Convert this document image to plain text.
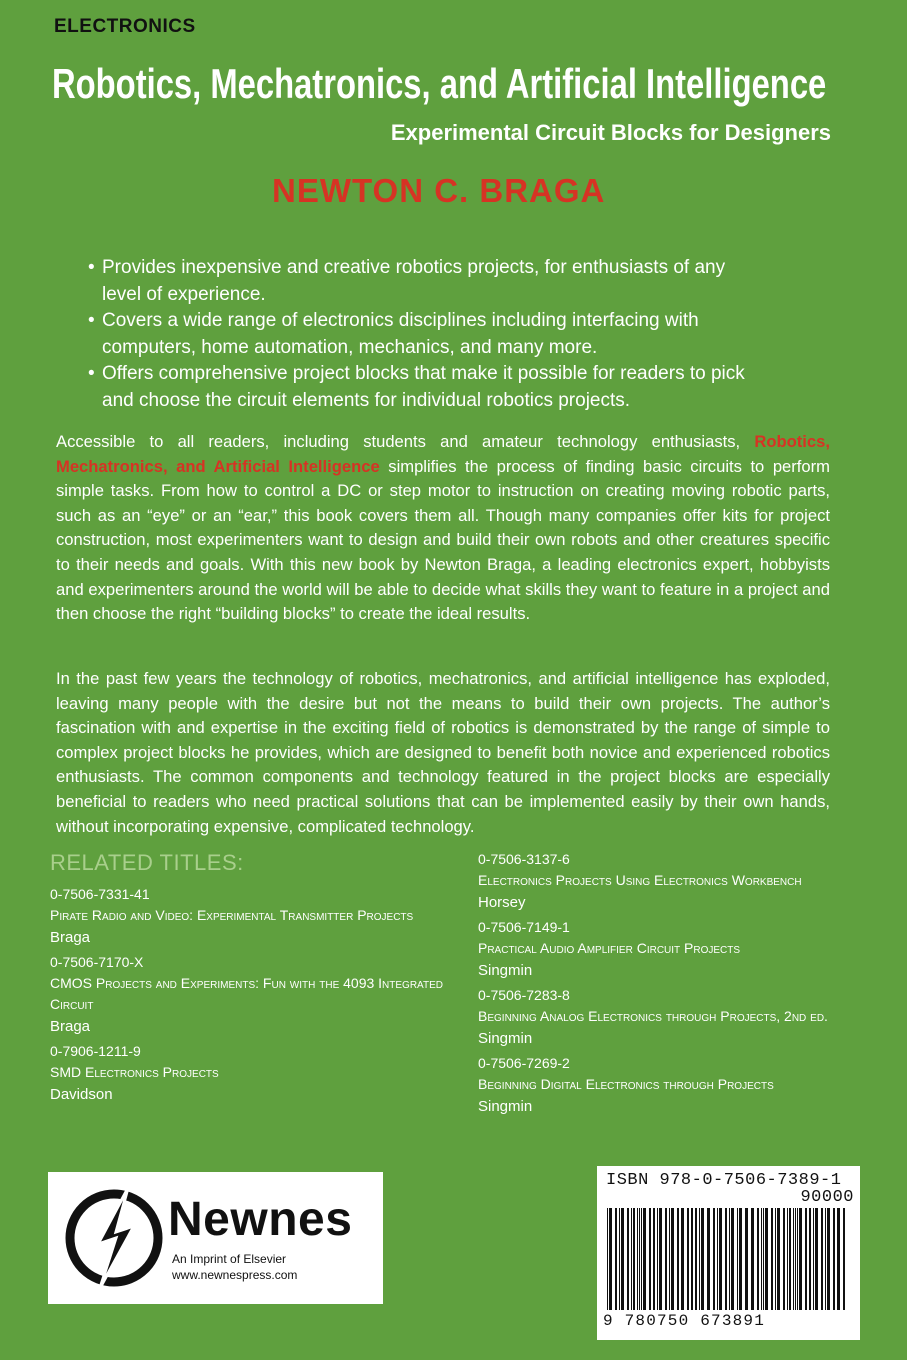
ELECTRONICS
Robotics, Mechatronics, and Artificial Intelligence
Experimental Circuit Blocks for Designers
NEWTON C. BRAGA
• Provides inexpensive and creative robotics projects, for enthusiasts of any level of experience.
• Covers a wide range of electronics disciplines including interfacing with computers, home automation, mechanics, and many more.
• Offers comprehensive project blocks that make it possible for readers to pick and choose the circuit elements for individual robotics projects.
Accessible to all readers, including students and amateur technology enthusiasts, Robotics, Mechatronics, and Artificial Intelligence simplifies the process of finding basic circuits to perform simple tasks. From how to control a DC or step motor to instruction on creating moving robotic parts, such as an “eye” or an “ear,” this book covers them all. Though many companies offer kits for project construction, most experimenters want to design and build their own robots and other creatures specific to their needs and goals. With this new book by Newton Braga, a leading electronics expert, hobbyists and experimenters around the world will be able to decide what skills they want to feature in a project and then choose the right “building blocks” to create the ideal results.
In the past few years the technology of robotics, mechatronics, and artificial intelligence has exploded, leaving many people with the desire but not the means to build their own projects. The author’s fascination with and expertise in the exciting field of robotics is demonstrated by the range of simple to complex project blocks he provides, which are designed to benefit both novice and experienced robotics enthusiasts. The common components and technology featured in the project blocks are especially beneficial to readers who need practical solutions that can be implemented easily by their own hands, without incorporating expensive, complicated technology.
RELATED TITLES:
0-7506-7331-41
Pirate Radio and Video: Experimental Transmitter Projects
Braga
0-7506-7170-X
CMOS Projects and Experiments: Fun with the 4093 Integrated Circuit
Braga
0-7906-1211-9
SMD Electronics Projects
Davidson
0-7506-3137-6
Electronics Projects Using Electronics Workbench
Horsey
0-7506-7149-1
Practical Audio Amplifier Circuit Projects
Singmin
0-7506-7283-8
Beginning Analog Electronics through Projects, 2nd ed.
Singmin
0-7506-7269-2
Beginning Digital Electronics through Projects
Singmin
Newnes
An Imprint of Elsevier
www.newnespress.com
ISBN 978-0-7506-7389-1
90000
9 780750 673891
